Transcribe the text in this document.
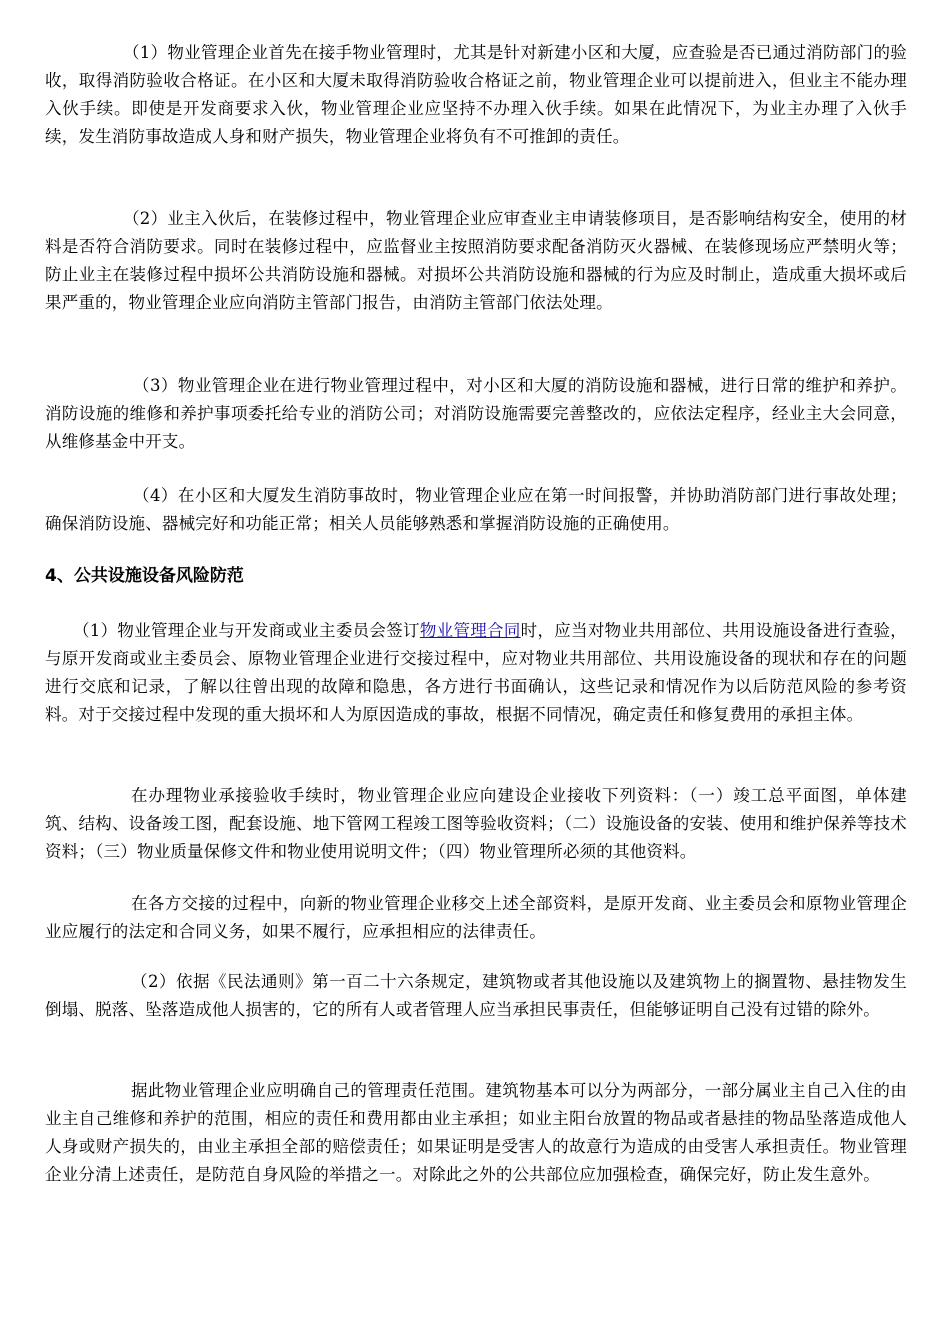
（1）物业管理企业首先在接手物业管理时，尤其是针对新建小区和大厦，应查验是否已通过消防部门的验收，取得消防验收合格证。在小区和大厦未取得消防验收合格证之前，物业管理企业可以提前进入，但业主不能办理入伙手续。即使是开发商要求入伙，物业管理企业应坚持不办理入伙手续。如果在此情况下，为业主办理了入伙手续，发生消防事故造成人身和财产损失，物业管理企业将负有不可推卸的责任。

（2）业主入伙后，在装修过程中，物业管理企业应审查业主申请装修项目，是否影响结构安全，使用的材料是否符合消防要求。同时在装修过程中，应监督业主按照消防要求配备消防灭火器械、在装修现场应严禁明火等；防止业主在装修过程中损坏公共消防设施和器械。对损坏公共消防设施和器械的行为应及时制止，造成重大损坏或后果严重的，物业管理企业应向消防主管部门报告，由消防主管部门依法处理。

（3）物业管理企业在进行物业管理过程中，对小区和大厦的消防设施和器械，进行日常的维护和养护。消防设施的维修和养护事项委托给专业的消防公司；对消防设施需要完善整改的，应依法定程序，经业主大会同意，从维修基金中开支。

（4）在小区和大厦发生消防事故时，物业管理企业应在第一时间报警，并协助消防部门进行事故处理；确保消防设施、器械完好和功能正常；相关人员能够熟悉和掌握消防设施的正确使用。

4、公共设施设备风险防范

（1）物业管理企业与开发商或业主委员会签订物业管理合同时，应当对物业共用部位、共用设施设备进行查验，与原开发商或业主委员会、原物业管理企业进行交接过程中，应对物业共用部位、共用设施设备的现状和存在的问题进行交底和记录，了解以往曾出现的故障和隐患，各方进行书面确认，这些记录和情况作为以后防范风险的参考资料。对于交接过程中发现的重大损坏和人为原因造成的事故，根据不同情况，确定责任和修复费用的承担主体。

在办理物业承接验收手续时，物业管理企业应向建设企业接收下列资料：（一）竣工总平面图，单体建筑、结构、设备竣工图，配套设施、地下管网工程竣工图等验收资料；（二）设施设备的安装、使用和维护保养等技术资料；（三）物业质量保修文件和物业使用说明文件；（四）物业管理所必须的其他资料。

在各方交接的过程中，向新的物业管理企业移交上述全部资料，是原开发商、业主委员会和原物业管理企业应履行的法定和合同义务，如果不履行，应承担相应的法律责任。

（2）依据《民法通则》第一百二十六条规定，建筑物或者其他设施以及建筑物上的搁置物、悬挂物发生倒塌、脱落、坠落造成他人损害的，它的所有人或者管理人应当承担民事责任，但能够证明自己没有过错的除外。

据此物业管理企业应明确自己的管理责任范围。建筑物基本可以分为两部分，一部分属业主自己入住的由业主自己维修和养护的范围，相应的责任和费用都由业主承担；如业主阳台放置的物品或者悬挂的物品坠落造成他人人身或财产损失的，由业主承担全部的赔偿责任；如果证明是受害人的故意行为造成的由受害人承担责任。物业管理企业分清上述责任，是防范自身风险的举措之一。对除此之外的公共部位应加强检查，确保完好，防止发生意外。
